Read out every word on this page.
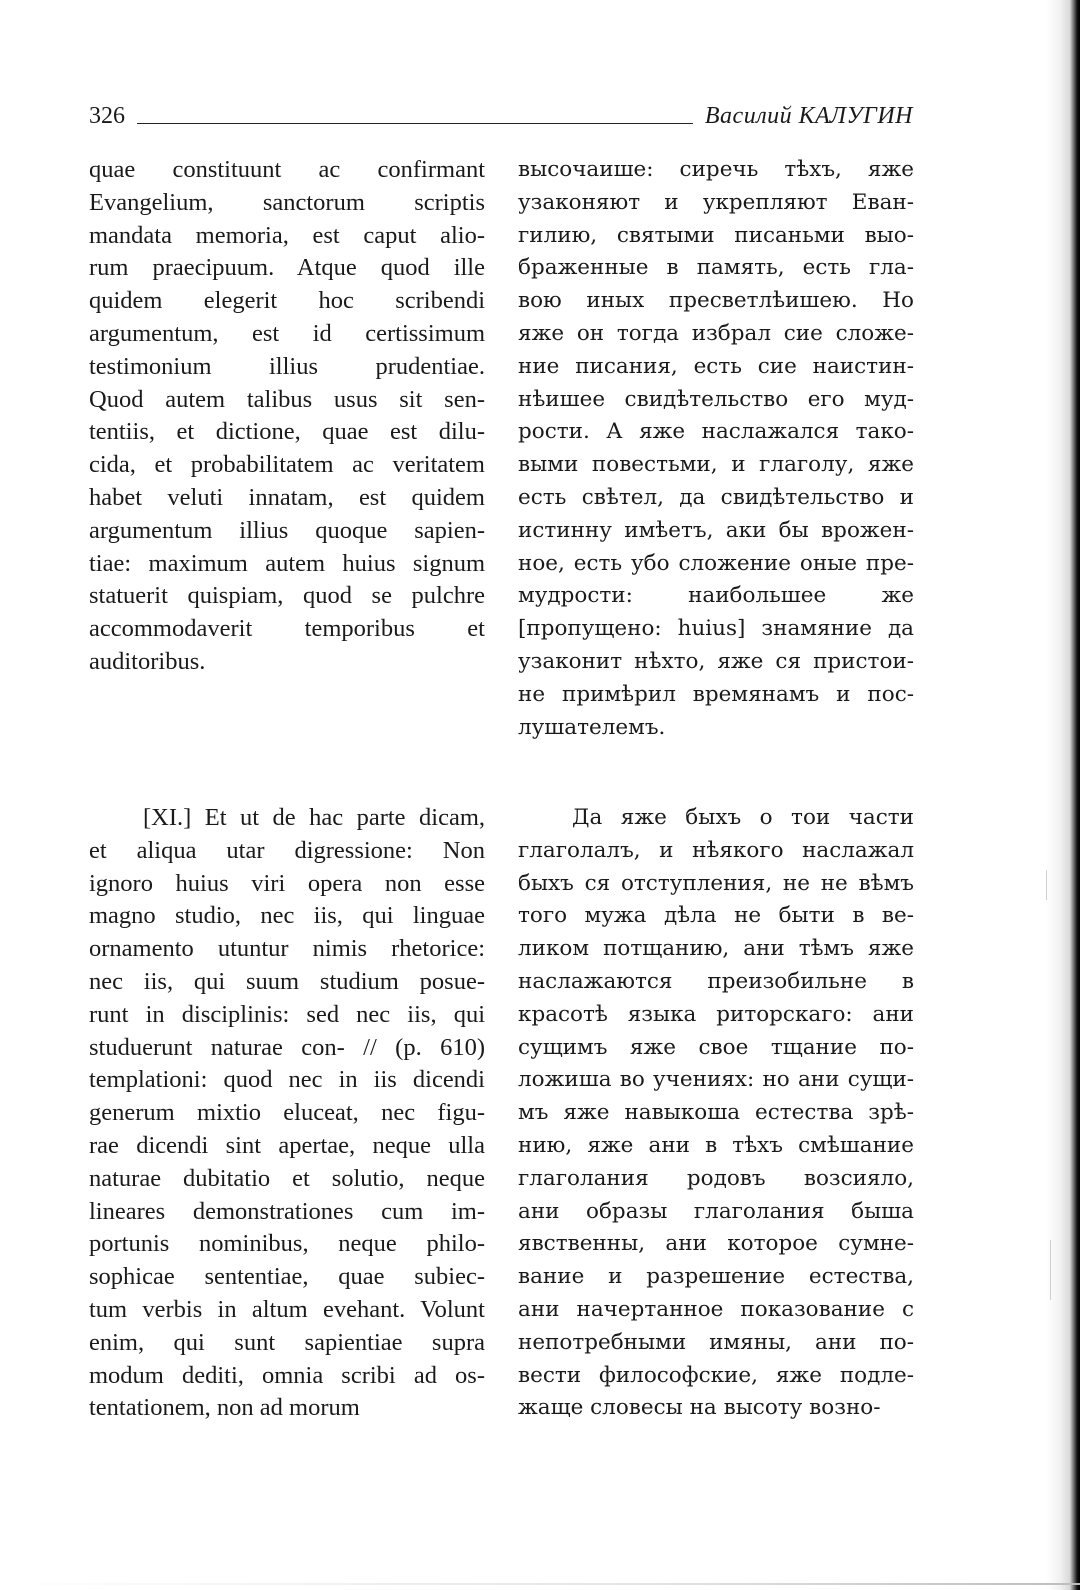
326	Василий КАЛУГИН
quae constituunt ac confirmant
Evangelium, sanctorum scriptis
mandata memoria, est caput alio-
rum praecipuum. Atque quod ille
quidem elegerit hoc scribendi
argumentum, est id certissimum
testimonium illius prudentiae.
Quod autem talibus usus sit sen-
tentiis, et dictione, quae est dilu-
cida, et probabilitatem ac veritatem
habet veluti innatam, est quidem
argumentum illius quoque sapien-
tiae: maximum autem huius signum
statuerit quispiam, quod se pulchre
accommodaverit temporibus et
auditoribus.
высочаише: сиречь тѣхъ, яже
узаконяют и укрепляют Еван-
гилию, святыми писаньми выо-
браженные в память, есть гла-
вою иных пресветлѣишею. Но
яже он тогда избрал сие сложе-
ние писания, есть сие наистин-
нѣишее свидѣтельство его муд-
рости. А яже наслажался тако-
выми повестьми, и глаголу, яже
есть свѣтел, да свидѣтельство и
истинну имѣетъ, аки бы врожен-
ное, есть убо сложение оные пре-
мудрости: наибольшее же
[пропущено: huius] знамяние да
узаконит нѣхто, яже ся пристои-
не примѣрил времянамъ и пос-
лушателемъ.
[XI.] Et ut de hac parte dicam,
et aliqua utar digressione: Non
ignoro huius viri opera non esse
magno studio, nec iis, qui linguae
ornamento utuntur nimis rhetorice:
nec iis, qui suum studium posue-
runt in disciplinis: sed nec iis, qui
studuerunt naturae con- // (p. 610)
templationi: quod nec in iis dicendi
generum mixtio eluceat, nec figu-
rae dicendi sint apertae, neque ulla
naturae dubitatio et solutio, neque
lineares demonstrationes cum im-
portunis nominibus, neque philo-
sophicae sententiae, quae subiec-
tum verbis in altum evehant. Volunt
enim, qui sunt sapientiae supra
modum dediti, omnia scribi ad os-
tentationem, non ad morum
Да яже быхъ о тои части
глаголалъ, и нѣякого наслажал
быхъ ся отступления, не не вѣмъ
того мужа дѣла не быти в ве-
ликом потщанию, ани тѣмъ яже
наслажаются преизобильне в
красотѣ языка риторскаго: ани
сущимъ яже свое тщание по-
ложиша во учениях: но ани сущи-
мъ яже навыкоша естества зрѣ-
нию, яже ани в тѣхъ смѣшание
глаголания родовъ возсияло,
ани образы глаголания быша
явственны, ани которое сумне-
вание и разрешение естества,
ани начертанное показование с
непотребными имяны, ани по-
вести философские, яже подле-
жаще словесы на высоту возно-
